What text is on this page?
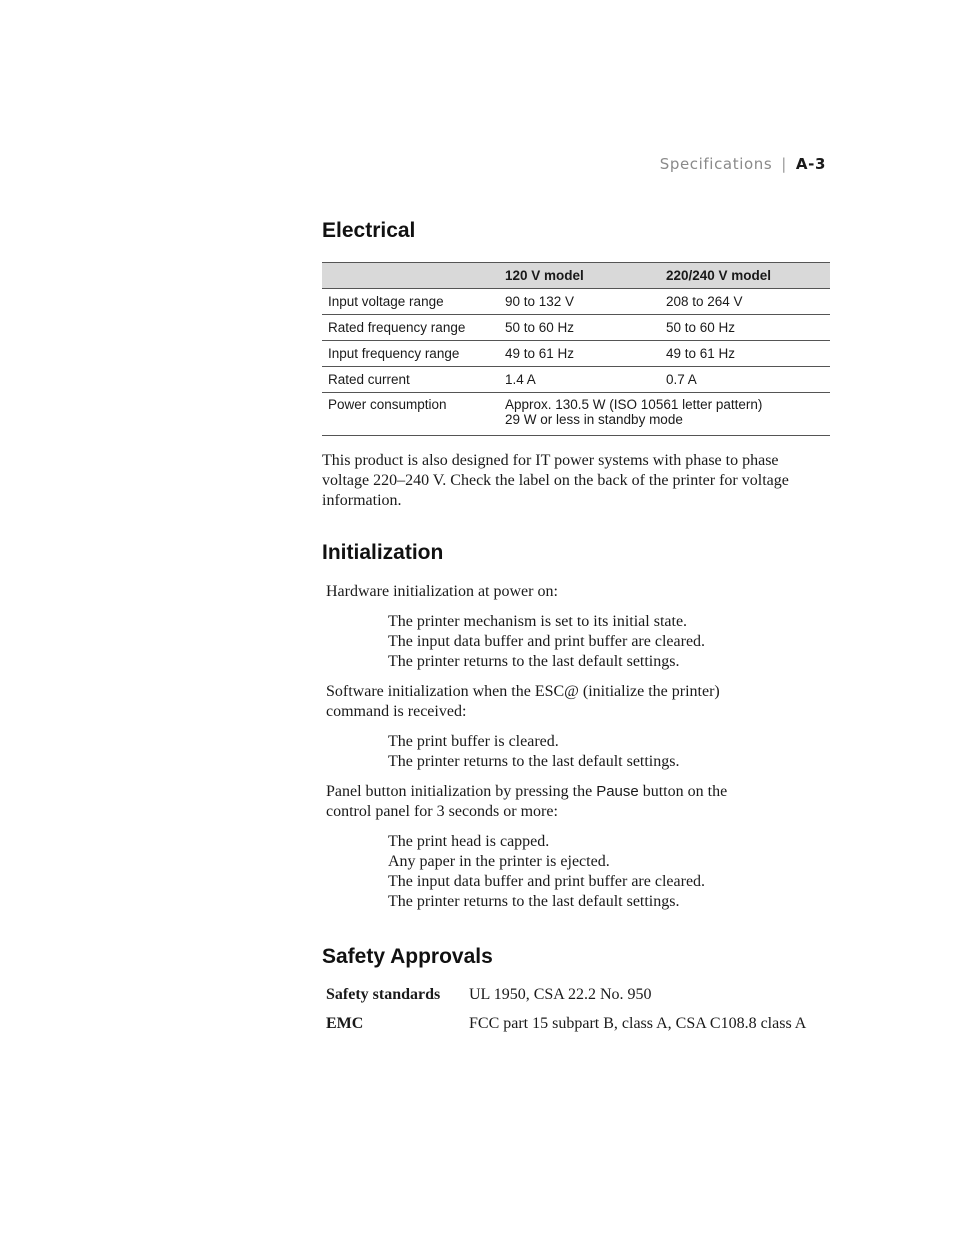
Specifications | A-3
Electrical
	120 V model	220/240 V model
Input voltage range	90 to 132 V	208 to 264 V
Rated frequency range	50 to 60 Hz	50 to 60 Hz
Input frequency range	49 to 61 Hz	49 to 61 Hz
Rated current	1.4 A	0.7 A
Power consumption	Approx. 130.5 W (ISO 10561 letter pattern)
29 W or less in standby mode	

This product is also designed for IT power systems with phase to phase voltage 220–240 V. Check the label on the back of the printer for voltage information.

Initialization

Hardware initialization at power on:

The printer mechanism is set to its initial state.
The input data buffer and print buffer are cleared.
The printer returns to the last default settings.

Software initialization when the ESC@ (initialize the printer) command is received:

The print buffer is cleared.
The printer returns to the last default settings.

Panel button initialization by pressing the Pause button on the control panel for 3 seconds or more:

The print head is capped.
Any paper in the printer is ejected.
The input data buffer and print buffer are cleared.
The printer returns to the last default settings.
Safety Approvals
Safety standards UL 1950, CSA 22.2 No. 950
EMC	FCC part 15 subpart B, class A, CSA C108.8 class A
